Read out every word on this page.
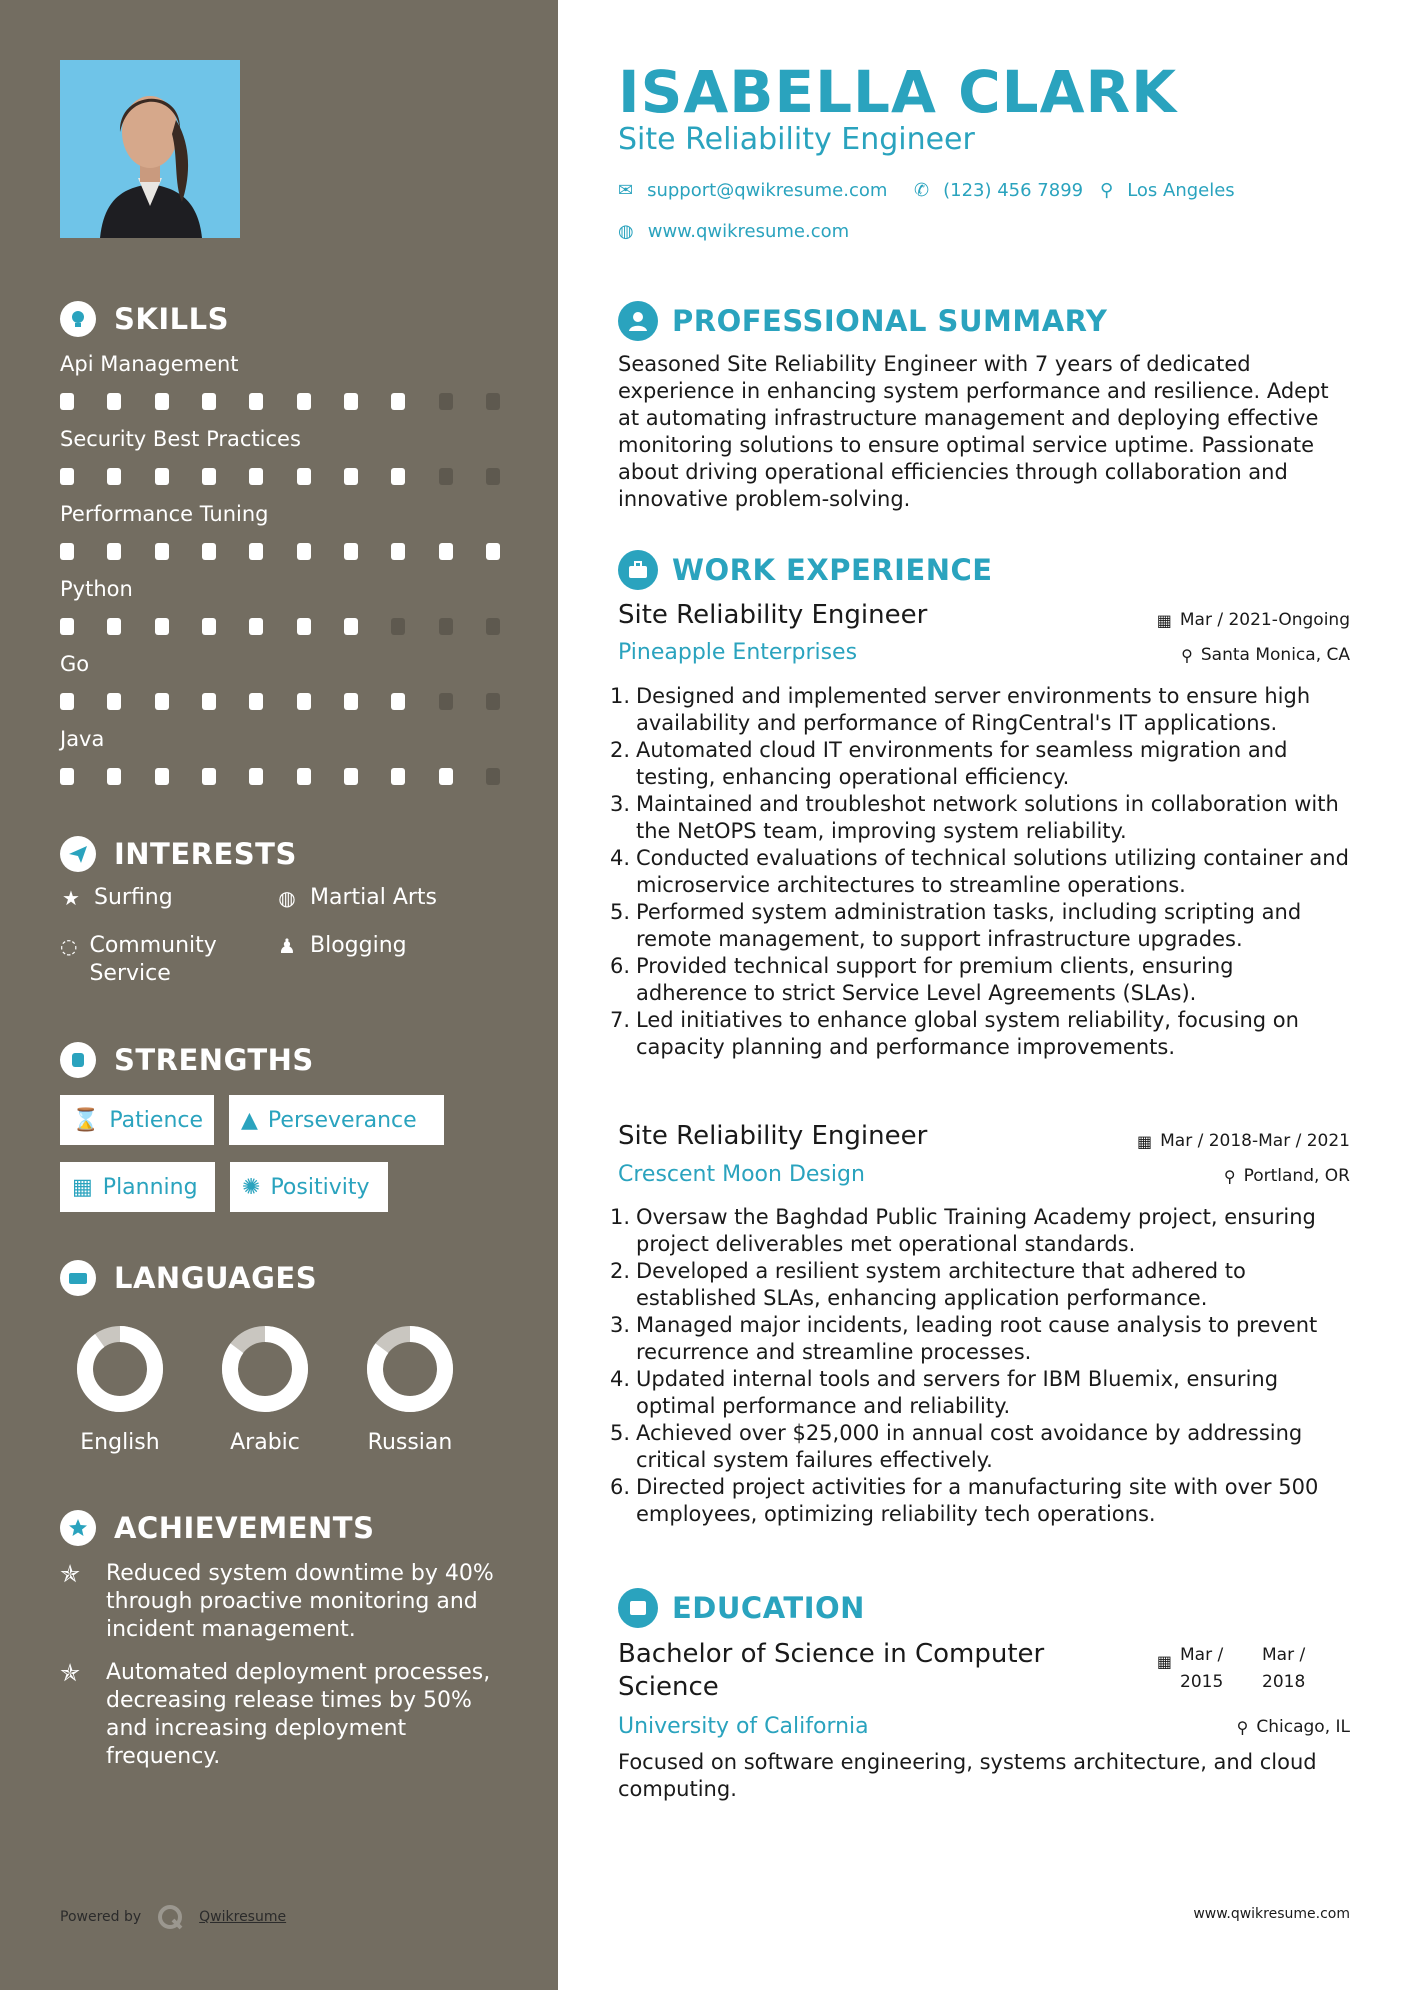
SKILLS
Api Management
Security Best Practices
Performance Tuning
Python
Go
Java
INTERESTS
★ Surfing	◍ Martial Arts
◌ Community Service
♟ Blogging
STRENGTHS
⌛ Patience ▲ Perseverance
▦ Planning ✺ Positivity
LANGUAGES
English	Arabic	Russian
ACHIEVEMENTS
✯	Reduced system downtime by 40% through proactive monitoring and incident management.
✯	Automated deployment processes, decreasing release times by 50% and increasing deployment frequency.
Powered by	Qwikresume
ISABELLA CLARK
Site Reliability Engineer
✉ support@qwikresume.com ✆ (123) 456 7899 ⚲ Los Angeles
◍ www.qwikresume.com
PROFESSIONAL SUMMARY
Seasoned Site Reliability Engineer with 7 years of dedicated experience in enhancing system performance and resilience. Adept at automating infrastructure management and deploying effective monitoring solutions to ensure optimal service uptime. Passionate about driving operational efficiencies through collaboration and innovative problem-solving.
WORK EXPERIENCE
Site Reliability Engineer	▦ Mar / 2021-Ongoing
Pineapple Enterprises	⚲ Santa Monica, CA
1. Designed and implemented server environments to ensure high availability and performance of RingCentral's IT applications.
2. Automated cloud IT environments for seamless migration and testing, enhancing operational efficiency.
3. Maintained and troubleshot network solutions in collaboration with the NetOPS team, improving system reliability.
4. Conducted evaluations of technical solutions utilizing container and microservice architectures to streamline operations.
5. Performed system administration tasks, including scripting and remote management, to support infrastructure upgrades.
6. Provided technical support for premium clients, ensuring adherence to strict Service Level Agreements (SLAs).
7. Led initiatives to enhance global system reliability, focusing on capacity planning and performance improvements.
Site Reliability Engineer	▦ Mar / 2018-Mar / 2021
Crescent Moon Design	⚲ Portland, OR
1. Oversaw the Baghdad Public Training Academy project, ensuring project deliverables met operational standards.
2. Developed a resilient system architecture that adhered to established SLAs, enhancing application performance.
3. Managed major incidents, leading root cause analysis to prevent recurrence and streamline processes.
4. Updated internal tools and servers for IBM Bluemix, ensuring optimal performance and reliability.
5. Achieved over $25,000 in annual cost avoidance by addressing critical system failures effectively.
6. Directed project activities for a manufacturing site with over 500 employees, optimizing reliability tech operations.
EDUCATION
Bachelor of Science in Computer Science
▦ Mar / 2015
Mar / 2018
University of California	⚲ Chicago, IL
Focused on software engineering, systems architecture, and cloud computing.
www.qwikresume.com
